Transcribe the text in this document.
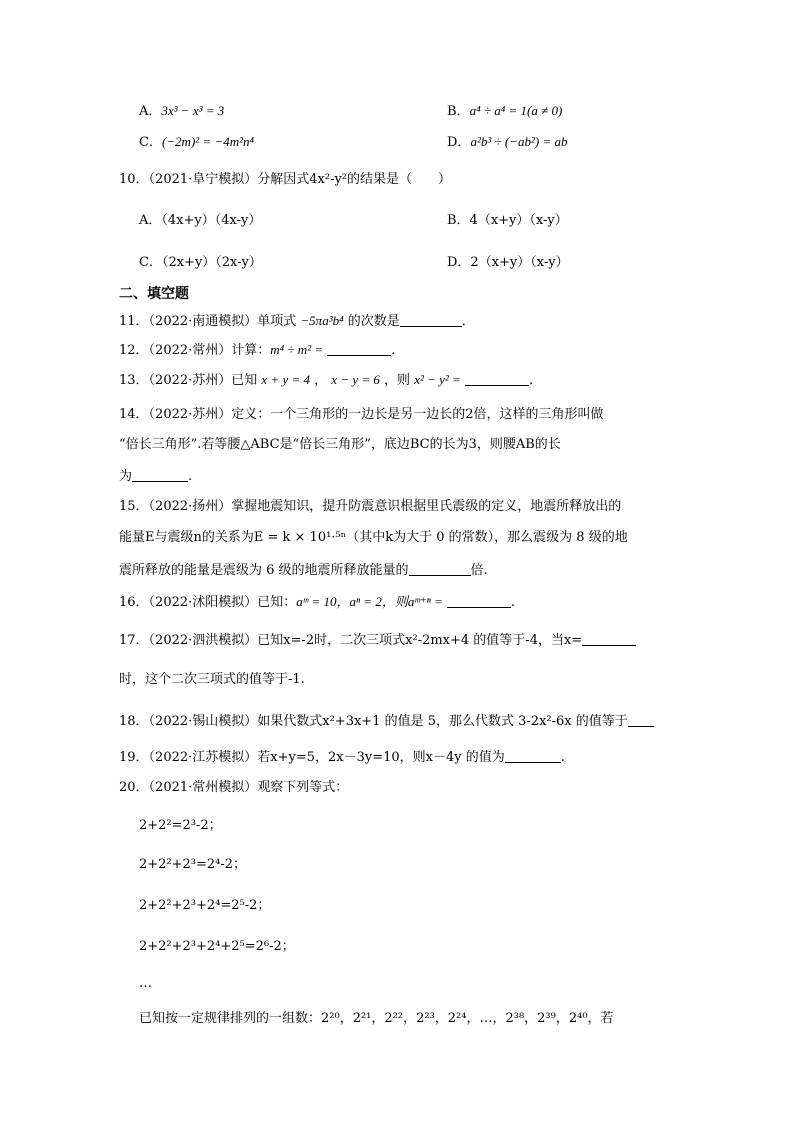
A．3x³ − x³ = 3	B．a⁴ ÷ a⁴ = 1(a ≠ 0)
C．(−2m)² = −4m²n⁴	D．a²b³ ÷ (−ab²) = ab
10．（2021·阜宁模拟）分解因式4x²-y²的结果是（　　）
A．（4x+y）（4x-y）	B．4（x+y）（x-y）
C．（2x+y）（2x-y）	D．2（x+y）（x-y）
二、填空题
11．（2022·南通模拟）单项式 −5πa³b⁴ 的次数是	．
12．（2022·常州）计算：m⁴ ÷ m² =	.
13．（2022·苏州）已知 x + y = 4 ， x − y = 6 ，则 x² − y² =	.
14．（2022·苏州）定义：一个三角形的一边长是另一边长的2倍，这样的三角形叫做
“倍长三角形”.若等腰△ABC是“倍长三角形”，底边BC的长为3，则腰AB的长
为	.
15．（2022·扬州）掌握地震知识，提升防震意识根据里氏震级的定义，地震所释放出的
能量E与震级n的关系为E = k × 10¹·⁵ⁿ（其中k为大于 0 的常数），那么震级为 8 级的地
震所释放的能量是震级为 6 级的地震所释放能量的	倍.
16．（2022·沭阳模拟）已知：aᵐ = 10，aⁿ = 2，则aᵐ⁺ⁿ =	.
17．（2022·泗洪模拟）已知x=-2时，二次三项式x²-2mx+4 的值等于-4，当x=
时，这个二次三项式的值等于-1.
18．（2022·锡山模拟）如果代数式x²+3x+1 的值是 5，那么代数式 3-2x²-6x 的值等于
19．（2022·江苏模拟）若x+y=5，2x－3y=10，则x－4y 的值为	.
20．（2021·常州模拟）观察下列等式：
2+2²=2³-2；
2+2²+2³=2⁴-2；
2+2²+2³+2⁴=2⁵-2；
2+2²+2³+2⁴+2⁵=2⁶-2；
…
已知按一定规律排列的一组数：2²⁰，2²¹，2²²，2²³，2²⁴，…，2³⁸，2³⁹，2⁴⁰，若
